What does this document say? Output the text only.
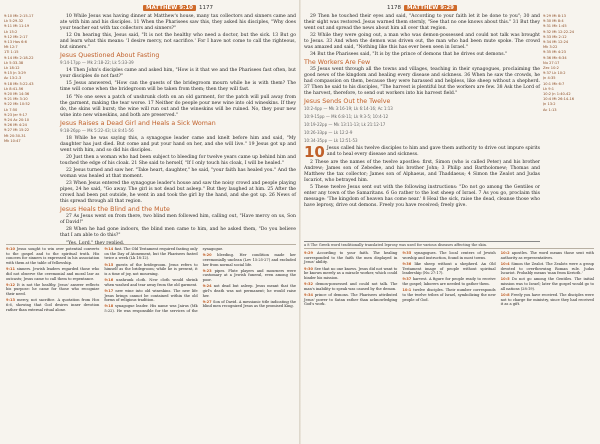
MATTHEW 9:10	1177	1178	MATTHEW 9:29
9:10 Mk 2:15-17
Lk 5:29-32
9:11 Mt 11:19
Lk 15:2
9:12 Mk 2:17
9:13 Hos 6:6
Mt 12:7
1Ti 1:15
9:14 Mk 2:18-22
Lk 5:33-38
Lk 18:12
9:15 Jn 3:29
Ac 13:2-3
9:18 Mk 5:22-43
Lk 8:41-56
9:20 Mt 14:36
9:21 Mk 3:10
9:22 Mk 10:52
Lk 7:50
9:23 Jer 9:17
9:24 Ac 20:10
9:26 Mt 4:24
9:27 Mt 15:22
Mt 20:30-31
Mk 10:47
9:29 Mt 8:13
9:30 Mt 8:4
9:31 Mk 1:45
9:32 Mt 12:22-24
9:33 Mk 2:12
9:34 Mt 12:24
Mk 3:22
9:35 Mt 4:23
9:36 Mk 6:34
Nu 27:17
Zec 10:2
9:37 Lk 10:2
Jn 4:35
10:1 Mk 6:7
Lk 9:1
10:2 Jn 1:40-42
10:4 Mt 26:14-16
Jn 13:2
Ac 1:13

10 While Jesus was having dinner at Matthew's house, many tax collectors and sinners came and ate with him and his disciples. 11 When the Pharisees saw this, they asked his disciples, "Why does your teacher eat with tax collectors and sinners?"

12 On hearing this, Jesus said, "It is not the healthy who need a doctor, but the sick. 13 But go and learn what this means: 'I desire mercy, not sacrifice.' For I have not come to call the righteous, but sinners."

Jesus Questioned About Fasting
9:14-17pp — Mk 2:18-22; Lk 5:33-39

14 Then John's disciples came and asked him, "How is it that we and the Pharisees fast often, but your disciples do not fast?"

15 Jesus answered, "How can the guests of the bridegroom mourn while he is with them? The time will come when the bridegroom will be taken from them; then they will fast.

16 "No one sews a patch of unshrunk cloth on an old garment, for the patch will pull away from the garment, making the tear worse. 17 Neither do people pour new wine into old wineskins. If they do, the skins will burst; the wine will run out and the wineskins will be ruined. No, they pour new wine into new wineskins, and both are preserved."

Jesus Raises a Dead Girl and Heals a Sick Woman
9:18-26pp — Mk 5:22-43; Lk 8:41-56

18 While he was saying this, a synagogue leader came and knelt before him and said, "My daughter has just died. But come and put your hand on her, and she will live." 19 Jesus got up and went with him, and so did his disciples.

20 Just then a woman who had been subject to bleeding for twelve years came up behind him and touched the edge of his cloak. 21 She said to herself, "If I only touch his cloak, I will be healed."

22 Jesus turned and saw her. "Take heart, daughter," he said, "your faith has healed you." And the woman was healed at that moment.

23 When Jesus entered the synagogue leader's house and saw the noisy crowd and people playing pipes, 24 he said, "Go away. The girl is not dead but asleep." But they laughed at him. 25 After the crowd had been put outside, he went in and took the girl by the hand, and she got up. 26 News of this spread through all that region.

Jesus Heals the Blind and the Mute

27 As Jesus went on from there, two blind men followed him, calling out, "Have mercy on us, Son of David!"

28 When he had gone indoors, the blind men came to him, and he asked them, "Do you believe that I am able to do this?"

"Yes, Lord," they replied.

29 Then he touched their eyes and said, "According to your faith let it be done to you"; 30 and their sight was restored. Jesus warned them sternly, "See that no one knows about this." 31 But they went out and spread the news about him all over that region.

32 While they were going out, a man who was demon-possessed and could not talk was brought to Jesus. 33 And when the demon was driven out, the man who had been mute spoke. The crowd was amazed and said, "Nothing like this has ever been seen in Israel."

34 But the Pharisees said, "It is by the prince of demons that he drives out demons."

The Workers Are Few

35 Jesus went through all the towns and villages, teaching in their synagogues, proclaiming the good news of the kingdom and healing every disease and sickness. 36 When he saw the crowds, he had compassion on them, because they were harassed and helpless, like sheep without a shepherd. 37 Then he said to his disciples, "The harvest is plentiful but the workers are few. 38 Ask the Lord of the harvest, therefore, to send out workers into his harvest field."

Jesus Sends Out the Twelve
10:2-4pp — Mk 3:16-19; Lk 6:14-16; Ac 1:13
10:9-15pp — Mk 6:8-11; Lk 9:3-5; 10:4-12
10:19-22pp — Mk 13:11-13; Lk 21:12-17
10:26-33pp — Lk 12:2-9
10:34-35pp — Lk 12:51-53

10 Jesus called his twelve disciples to him and gave them authority to drive out impure spirits and to heal every disease and sickness.

2 These are the names of the twelve apostles: first, Simon (who is called Peter) and his brother Andrew; James son of Zebedee, and his brother John; 3 Philip and Bartholomew; Thomas and Matthew the tax collector; James son of Alphaeus, and Thaddaeus; 4 Simon the Zealot and Judas Iscariot, who betrayed him.

5 These twelve Jesus sent out with the following instructions: "Do not go among the Gentiles or enter any town of the Samaritans. 6 Go rather to the lost sheep of Israel. 7 As you go, proclaim this message: 'The kingdom of heaven has come near.' 8 Heal the sick, raise the dead, cleanse those who have leprosy, drive out demons. Freely you have received; freely give.

a 8 The Greek word traditionally translated leprosy was used for various diseases affecting the skin.

9:10 Jesus sought to win over potential converts to the gospel and to the spiritual truth. His concern for sinners is expressed in his association with them at the table of fellowship.

9:11 sinners. Jewish leaders regarded those who did not observe the ceremonial and moral law as outcasts; Jesus came to call them to repentance.

9:12 It is not the healthy. Jesus' answer reflects his purpose: he came for those who recognize their need.

9:13 mercy, not sacrifice. A quotation from Hos 6:6, showing that God desires inner devotion rather than external ritual alone.

9:14 fast. The Old Testament required fasting only on the Day of Atonement, but the Pharisees fasted twice a week (Lk 18:12).

9:15 guests of the bridegroom. Jesus refers to himself as the bridegroom; while he is present, it is a time of joy, not mourning.

9:16 unshrunk cloth. New cloth would shrink when washed and tear away from the old garment.

9:17 new wine into old wineskins. The new life Jesus brings cannot be contained within the old forms of religious tradition.

9:18 synagogue leader. His name was Jairus (Mk 5:22). He was responsible for the services of the synagogue.

9:20 bleeding. Her condition made her ceremonially unclean (Lev 15:25-27) and excluded her from normal social life.

9:23 pipes. Flute players and mourners were customary at a Jewish funeral, even among the poor.

9:24 not dead but asleep. Jesus meant that the girl's death was not permanent; he would raise her.

9:27 Son of David. A messianic title indicating the blind men recognized Jesus as the promised King.

9:29 According to your faith. The healing corresponded to the faith the men displayed in Jesus' ability.

9:30 See that no one knows. Jesus did not want to be known merely as a miracle worker, which could hinder his mission.

9:32 demon-possessed and could not talk. The man's inability to speak was caused by the demon.

9:34 prince of demons. The Pharisees attributed Jesus' power to Satan rather than acknowledging God's work.

9:35 synagogues. The local centers of Jewish worship and instruction, found in most towns.

9:36 like sheep without a shepherd. An Old Testament image of people without spiritual leadership (Nu 27:17).

9:37 harvest. A figure for people ready to receive the gospel; laborers are needed to gather them.

10:1 twelve disciples. Their number corresponds to the twelve tribes of Israel, symbolizing the new people of God.

10:2 apostles. The word means those sent with authority as representatives.

10:4 Simon the Zealot. The Zealots were a group devoted to overthrowing Roman rule. Judas Iscariot. Probably means 'man from Kerioth.'

10:5 Do not go among the Gentiles. The initial mission was to Israel; later the gospel would go to all nations (28:19).

10:8 Freely you have received. The disciples were not to charge for ministry, since they had received it as a gift.
